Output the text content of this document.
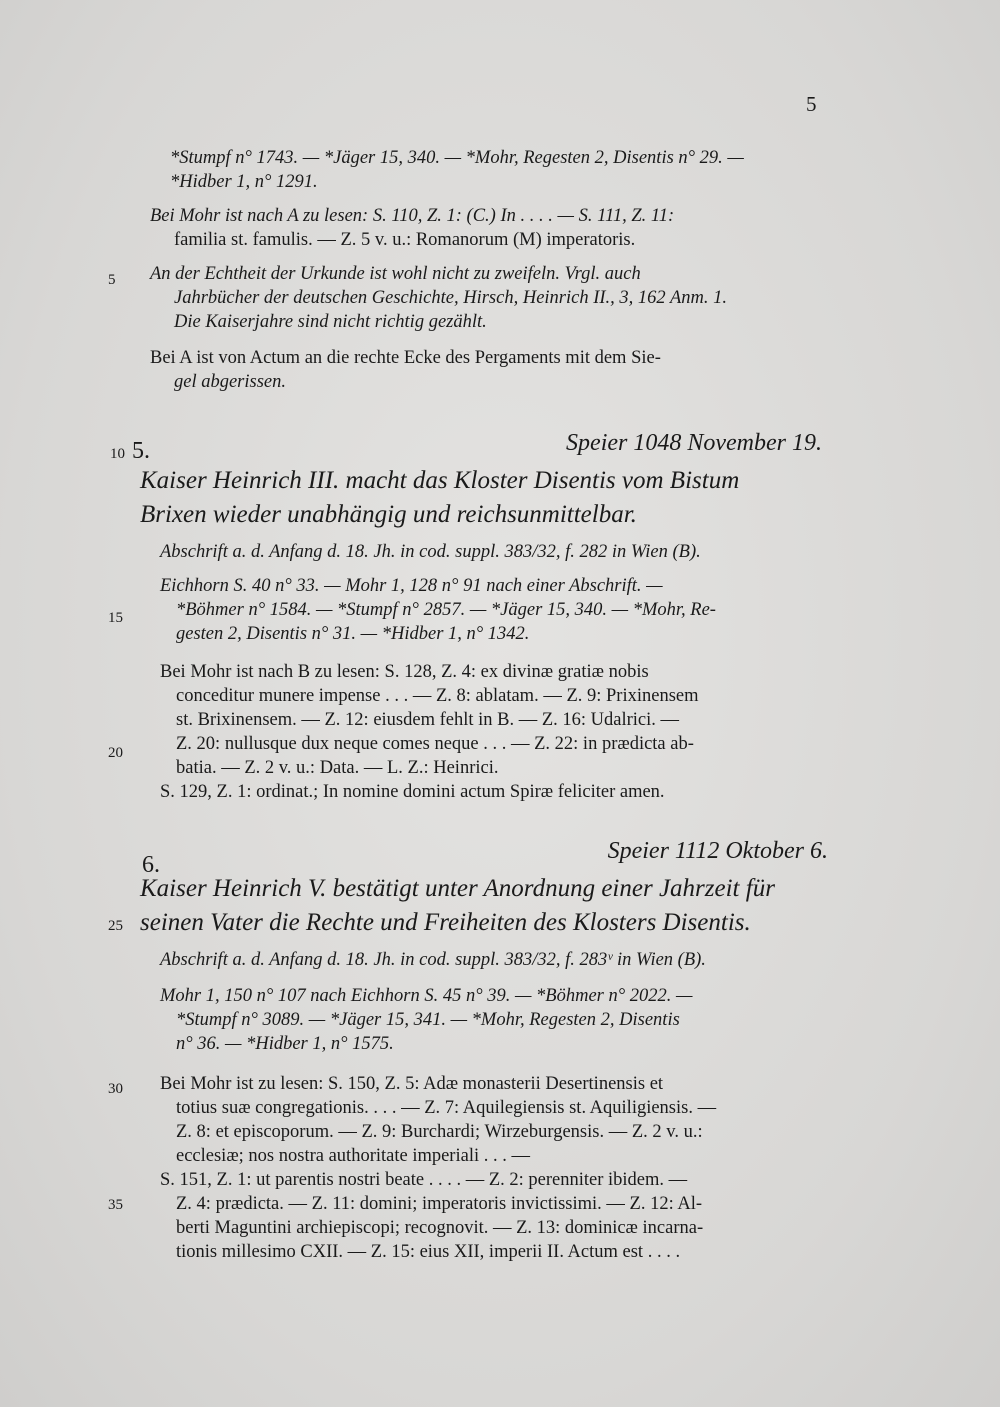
5
5
10
15
20
25
30
35
*Stumpf n° 1743. — *Jäger 15, 340. — *Mohr, Regesten 2, Disentis n° 29. —
*Hidber 1, n° 1291.
Bei Mohr ist nach A zu lesen: S. 110, Z. 1: (C.) In . . . . — S. 111, Z. 11:
familia st. famulis. — Z. 5 v. u.: Romanorum (M) imperatoris.
An der Echtheit der Urkunde ist wohl nicht zu zweifeln. Vrgl. auch
Jahrbücher der deutschen Geschichte, Hirsch, Heinrich II., 3, 162 Anm. 1.
Die Kaiserjahre sind nicht richtig gezählt.
Bei A ist von Actum an die rechte Ecke des Pergaments mit dem Sie-
gel abgerissen.
5.	Speier 1048 November 19.
Kaiser Heinrich III. macht das Kloster Disentis vom Bistum
Brixen wieder unabhängig und reichsunmittelbar.
Abschrift a. d. Anfang d. 18. Jh. in cod. suppl. 383/32, f. 282 in Wien (B).
Eichhorn S. 40 n° 33. — Mohr 1, 128 n° 91 nach einer Abschrift. —
*Böhmer n° 1584. — *Stumpf n° 2857. — *Jäger 15, 340. — *Mohr, Re-
gesten 2, Disentis n° 31. — *Hidber 1, n° 1342.
Bei Mohr ist nach B zu lesen: S. 128, Z. 4: ex divinæ gratiæ nobis
conceditur munere impense . . . — Z. 8: ablatam. — Z. 9: Prixinensem
st. Brixinensem. — Z. 12: eiusdem fehlt in B. — Z. 16: Udalrici. —
Z. 20: nullusque dux neque comes neque . . . — Z. 22: in prædicta ab-
batia. — Z. 2 v. u.: Data. — L. Z.: Heinrici.
S. 129, Z. 1: ordinat.; In nomine domini actum Spiræ feliciter amen.
6.
Speier 1112 Oktober 6.
Kaiser Heinrich V. bestätigt unter Anordnung einer Jahrzeit für
seinen Vater die Rechte und Freiheiten des Klosters Disentis.
Abschrift a. d. Anfang d. 18. Jh. in cod. suppl. 383/32, f. 283ᵛ in Wien (B).
Mohr 1, 150 n° 107 nach Eichhorn S. 45 n° 39. — *Böhmer n° 2022. —
*Stumpf n° 3089. — *Jäger 15, 341. — *Mohr, Regesten 2, Disentis
n° 36. — *Hidber 1, n° 1575.
Bei Mohr ist zu lesen: S. 150, Z. 5: Adæ monasterii Desertinensis et
totius suæ congregationis. . . . — Z. 7: Aquilegiensis st. Aquiligiensis. —
Z. 8: et episcoporum. — Z. 9: Burchardi; Wirzeburgensis. — Z. 2 v. u.:
ecclesiæ; nos nostra authoritate imperiali . . . —
S. 151, Z. 1: ut parentis nostri beate . . . . — Z. 2: perenniter ibidem. —
Z. 4: prædicta. — Z. 11: domini; imperatoris invictissimi. — Z. 12: Al-
berti Maguntini archiepiscopi; recognovit. — Z. 13: dominicæ incarna-
tionis millesimo CXII. — Z. 15: eius XII, imperii II. Actum est . . . .
